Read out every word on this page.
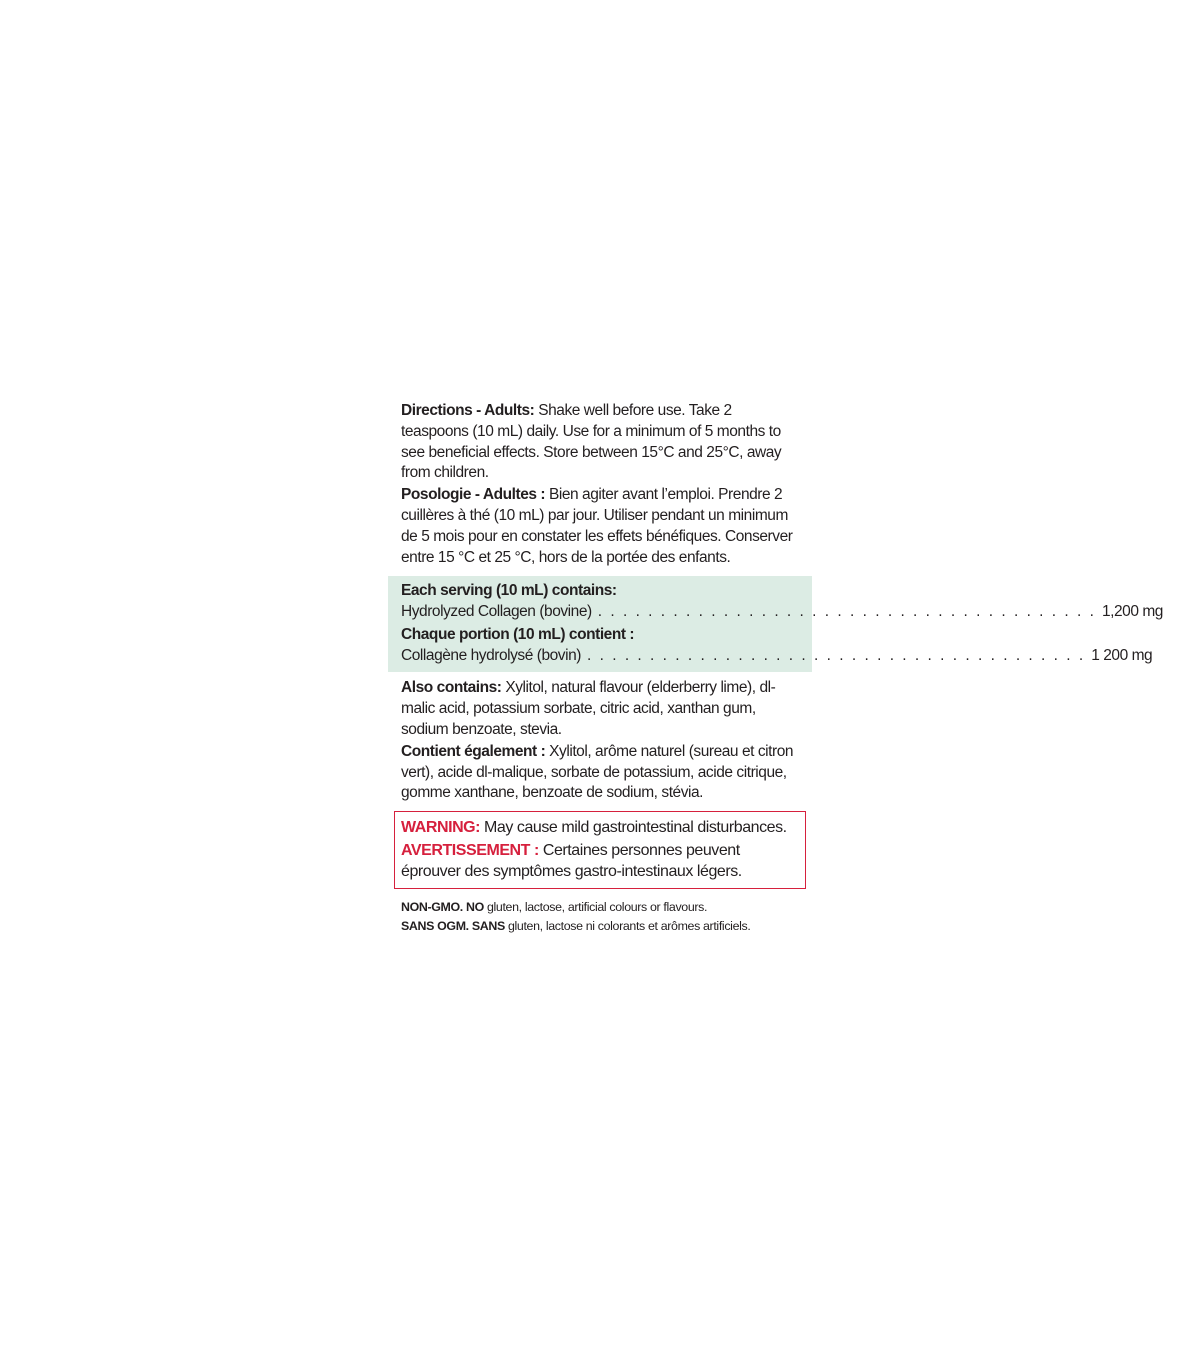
Directions - Adults: Shake well before use. Take 2 teaspoons (10 mL) daily. Use for a minimum of 5 months to see beneficial effects. Store between 15°C and 25°C, away from children.

Posologie - Adultes : Bien agiter avant l’emploi. Prendre 2 cuillères à thé (10 mL) par jour. Utiliser pendant un minimum de 5 mois pour en constater les effets bénéfiques. Conserver entre 15 °C et 25 °C, hors de la portée des enfants.

Each serving (10 mL) contains:
Hydrolyzed Collagen (bovine) . . . . . . . . . . . . . . . . . . . . . . . . . . . . . . . . . . . . . . . . 1,200 mg
Chaque portion (10 mL) contient :
Collagène hydrolysé (bovin) . . . . . . . . . . . . . . . . . . . . . . . . . . . . . . . . . . . . . . . . 1 200 mg

Also contains: Xylitol, natural flavour (elderberry lime), dl-malic acid, potassium sorbate, citric acid, xanthan gum, sodium benzoate, stevia.

Contient également : Xylitol, arôme naturel (sureau et citron vert), acide dl-malique, sorbate de potassium, acide citrique, gomme xanthane, benzoate de sodium, stévia.

WARNING: May cause mild gastrointestinal disturbances.

AVERTISSEMENT : Certaines personnes peuvent éprouver des symptômes gastro-intestinaux légers.

NON-GMO. NO gluten, lactose, artificial colours or flavours.
SANS OGM. SANS gluten, lactose ni colorants et arômes artificiels.
